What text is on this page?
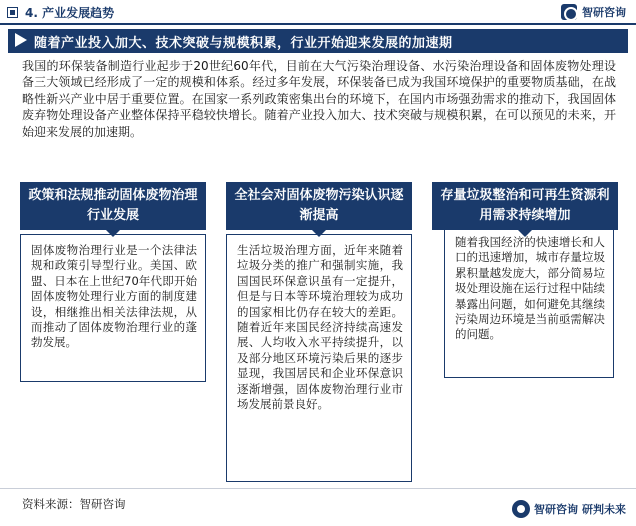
4. 产业发展趋势	智研咨询
随着产业投入加大、技术突破与规模积累，行业开始迎来发展的加速期

我国的环保装备制造行业起步于20世纪60年代，目前在大气污染治理设备、水污染治理设备和固体废物处理设备三大领域已经形成了一定的规模和体系。经过多年发展，环保装备已成为我国环境保护的重要物质基础，在战略性新兴产业中居于重要位置。在国家一系列政策密集出台的环境下，在国内市场强劲需求的推动下，我国固体废弃物处理设备产业整体保持平稳较快增长。随着产业投入加大、技术突破与规模积累，在可以预见的未来，开始迎来发展的加速期。

政策和法规推动固体废物治理行业发展
固体废物治理行业是一个法律法规和政策引导型行业。美国、欧盟、日本在上世纪70年代即开始固体废物处理行业方面的制度建设，相继推出相关法律法规，从而推动了固体废物治理行业的蓬勃发展。
全社会对固体废物污染认识逐渐提高
生活垃圾治理方面，近年来随着垃圾分类的推广和强制实施，我国国民环保意识虽有一定提升，但是与日本等环境治理较为成功的国家相比仍存在较大的差距。随着近年来国民经济持续高速发展、人均收入水平持续提升，以及部分地区环境污染后果的逐步显现，我国居民和企业环保意识逐渐增强，固体废物治理行业市场发展前景良好。
存量垃圾整治和可再生资源利用需求持续增加
随着我国经济的快速增长和人口的迅速增加，城市存量垃圾累积量越发庞大，部分简易垃圾处理设施在运行过程中陆续暴露出问题，如何避免其继续污染周边环境是当前亟需解决的问题。
资料来源：智研咨询	智研咨询 研判未来
